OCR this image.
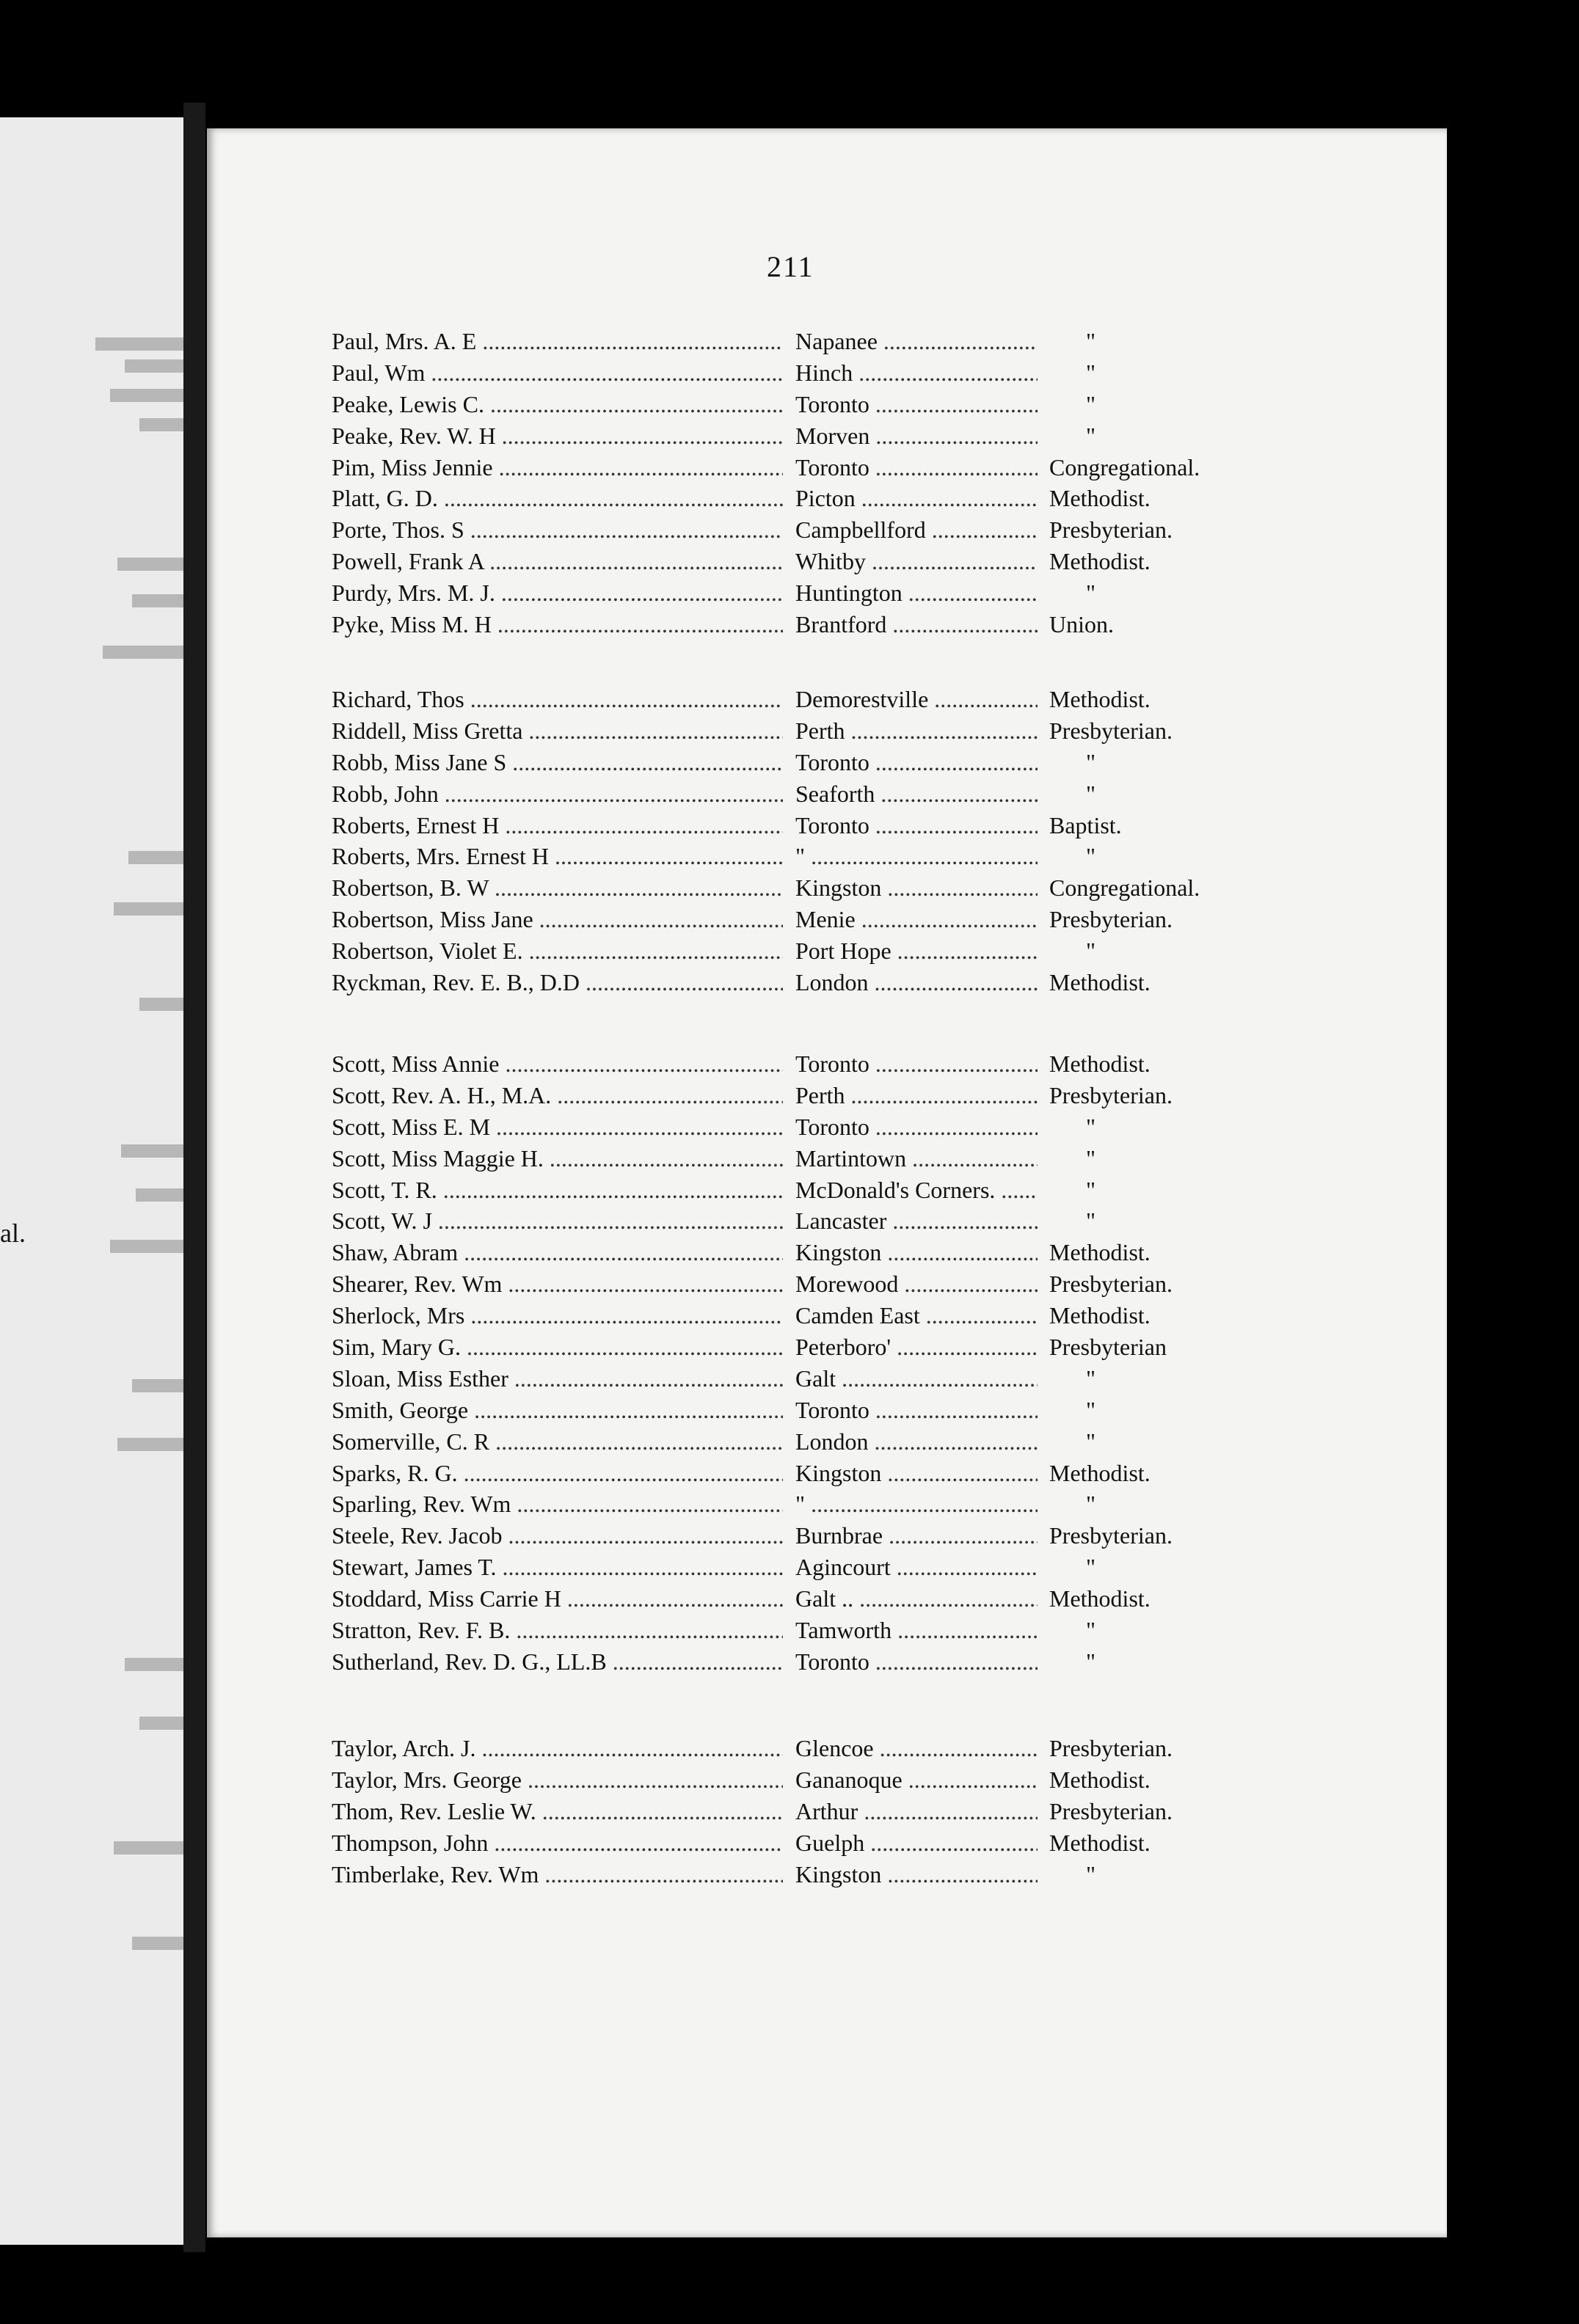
al.
211
Paul, Mrs. A. E .....	Napanee .....	"
Paul, Wm .....	Hinch .....	"
Peake, Lewis C. .....	Toronto .....	"
Peake, Rev. W. H .....	Morven .....	"
Pim, Miss Jennie .....	Toronto .....	Congregational.
Platt, G. D. .....	Picton .....	Methodist.
Porte, Thos. S .....	Campbellford .....	Presbyterian.
Powell, Frank A .....	Whitby .....	Methodist.
Purdy, Mrs. M. J. .....	Huntington .....	"
Pyke, Miss M. H .....	Brantford .....	Union.
Richard, Thos .....	Demorestville .....	Methodist.
Riddell, Miss Gretta .....	Perth .....	Presbyterian.
Robb, Miss Jane S .....	Toronto .....	"
Robb, John .....	Seaforth .....	"
Roberts, Ernest H .....	Toronto .....	Baptist.
Roberts, Mrs. Ernest H .....	" .....	"
Robertson, B. W .....	Kingston .....	Congregational.
Robertson, Miss Jane .....	Menie .....	Presbyterian.
Robertson, Violet E. .....	Port Hope .....	"
Ryckman, Rev. E. B., D.D .....	London .....	Methodist.
Scott, Miss Annie .....	Toronto .....	Methodist.
Scott, Rev. A. H., M.A. .....	Perth .....	Presbyterian.
Scott, Miss E. M .....	Toronto .....	"
Scott, Miss Maggie H. .....	Martintown .....	"
Scott, T. R. .....	McDonald's Corners. .....	"
Scott, W. J .....	Lancaster .....	"
Shaw, Abram .....	Kingston .....	Methodist.
Shearer, Rev. Wm .....	Morewood .....	Presbyterian.
Sherlock, Mrs .....	Camden East .....	Methodist.
Sim, Mary G. .....	Peterboro' .....	Presbyterian
Sloan, Miss Esther .....	Galt .....	"
Smith, George .....	Toronto .....	"
Somerville, C. R .....	London .....	"
Sparks, R. G. .....	Kingston .....	Methodist.
Sparling, Rev. Wm .....	" .....	"
Steele, Rev. Jacob .....	Burnbrae .....	Presbyterian.
Stewart, James T. .....	Agincourt .....	"
Stoddard, Miss Carrie H .....	Galt .. .....	Methodist.
Stratton, Rev. F. B. .....	Tamworth .....	"
Sutherland, Rev. D. G., LL.B .....	Toronto .....	"
Taylor, Arch. J. .....	Glencoe .....	Presbyterian.
Taylor, Mrs. George .....	Gananoque .....	Methodist.
Thom, Rev. Leslie W. .....	Arthur .....	Presbyterian.
Thompson, John .....	Guelph .....	Methodist.
Timberlake, Rev. Wm .....	Kingston .....	"
